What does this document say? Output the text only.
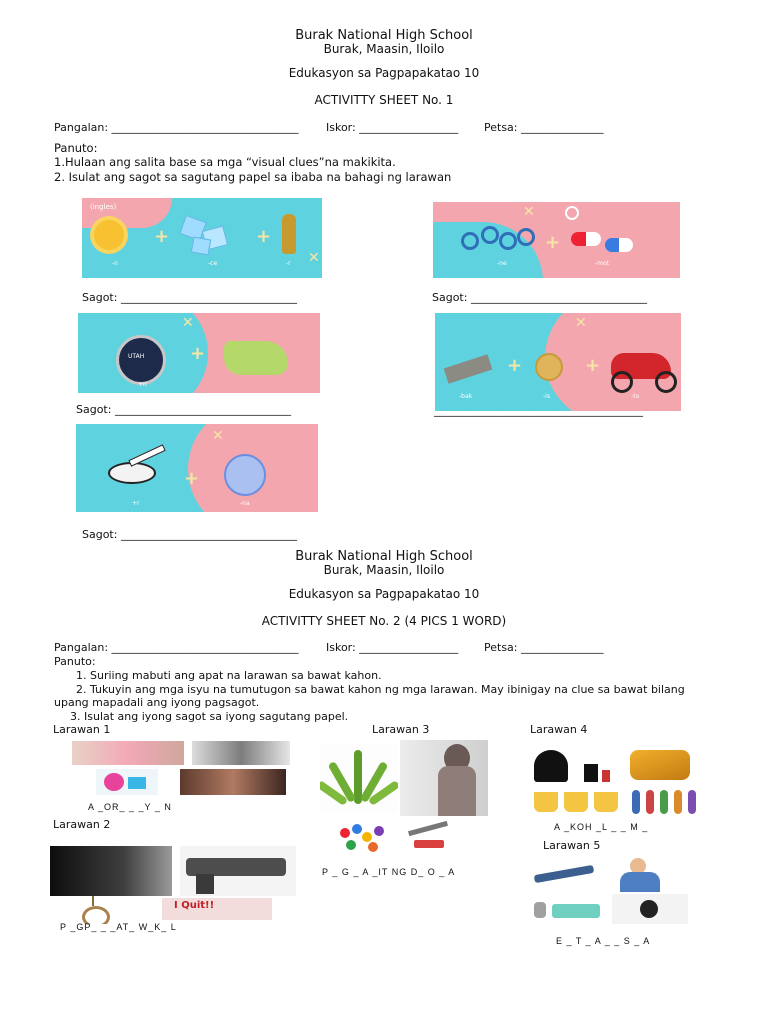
Burak National High School
Burak, Maasin, Iloilo
Edukasyon sa Pagpapakatao 10
ACTIVITTY SHEET No. 1
Pangalan: __________________________________ Iskor: __________________ Petsa: _______________
Panuto:
1.Hulaan ang salita base sa mga “visual clues”na makikita.
2. Isulat ang sagot sa sagutang papel sa ibaba na bahagi ng larawan
(ingles)
+	+
-n	-ce	-r ✕
+
✕
-ne	-mot
Sagot: ________________________________	Sagot: ________________________________
UTAH	+
✕
+n
+	+
✕
-bak	-is	-to
______________________________________
Sagot: ________________________________
+
✕
+r	-na
Sagot: ________________________________
Burak National High School
Burak, Maasin, Iloilo
Edukasyon sa Pagpapakatao 10
ACTIVITTY SHEET No. 2 (4 PICS 1 WORD)
Pangalan: __________________________________ Iskor: __________________ Petsa: _______________
Panuto:
1. Suriing mabuti ang apat na larawan sa bawat kahon.
2. Tukuyin ang mga isyu na tumutugon sa bawat kahon ng mga larawan. May ibinigay na clue sa bawat bilang
upang mapadali ang iyong pagsagot.
3. Isulat ang iyong sagot sa iyong sagutang papel.
Larawan 1
A _OR_ _ _Y _ N
Larawan 2
I Quit!!
P _GP_ _ _AT_ W_K_ L
Larawan 3
P _ G _ A _IT NG D_ O _ A
Larawan 4
A _KOH _L _ _ M _
Larawan 5
E _ T _ A _ _ S _ A
